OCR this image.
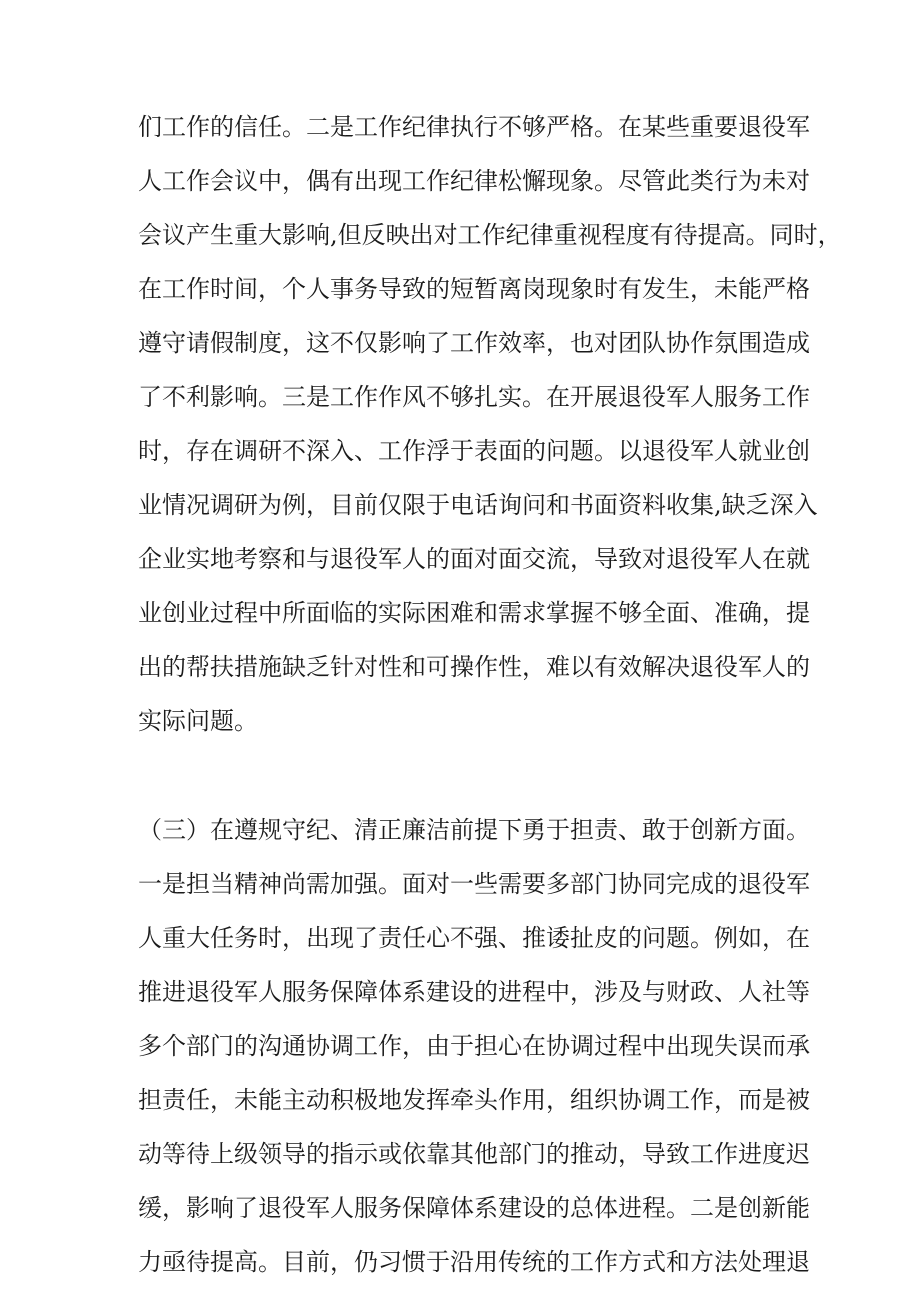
们工作的信任。二是工作纪律执行不够严格。在某些重要退役军
人工作会议中，偶有出现工作纪律松懈现象。尽管此类行为未对
会议产生重大影响,但反映出对工作纪律重视程度有待提高。同时，
在工作时间，个人事务导致的短暂离岗现象时有发生，未能严格
遵守请假制度，这不仅影响了工作效率，也对团队协作氛围造成
了不利影响。三是工作作风不够扎实。在开展退役军人服务工作
时，存在调研不深入、工作浮于表面的问题。以退役军人就业创
业情况调研为例，目前仅限于电话询问和书面资料收集,缺乏深入
企业实地考察和与退役军人的面对面交流，导致对退役军人在就
业创业过程中所面临的实际困难和需求掌握不够全面、准确，提
出的帮扶措施缺乏针对性和可操作性，难以有效解决退役军人的
实际问题。
（三）在遵规守纪、清正廉洁前提下勇于担责、敢于创新方面。
一是担当精神尚需加强。面对一些需要多部门协同完成的退役军
人重大任务时，出现了责任心不强、推诿扯皮的问题。例如，在
推进退役军人服务保障体系建设的进程中，涉及与财政、人社等
多个部门的沟通协调工作，由于担心在协调过程中出现失误而承
担责任，未能主动积极地发挥牵头作用，组织协调工作，而是被
动等待上级领导的指示或依靠其他部门的推动，导致工作进度迟
缓，影响了退役军人服务保障体系建设的总体进程。二是创新能
力亟待提高。目前，仍习惯于沿用传统的工作方式和方法处理退
